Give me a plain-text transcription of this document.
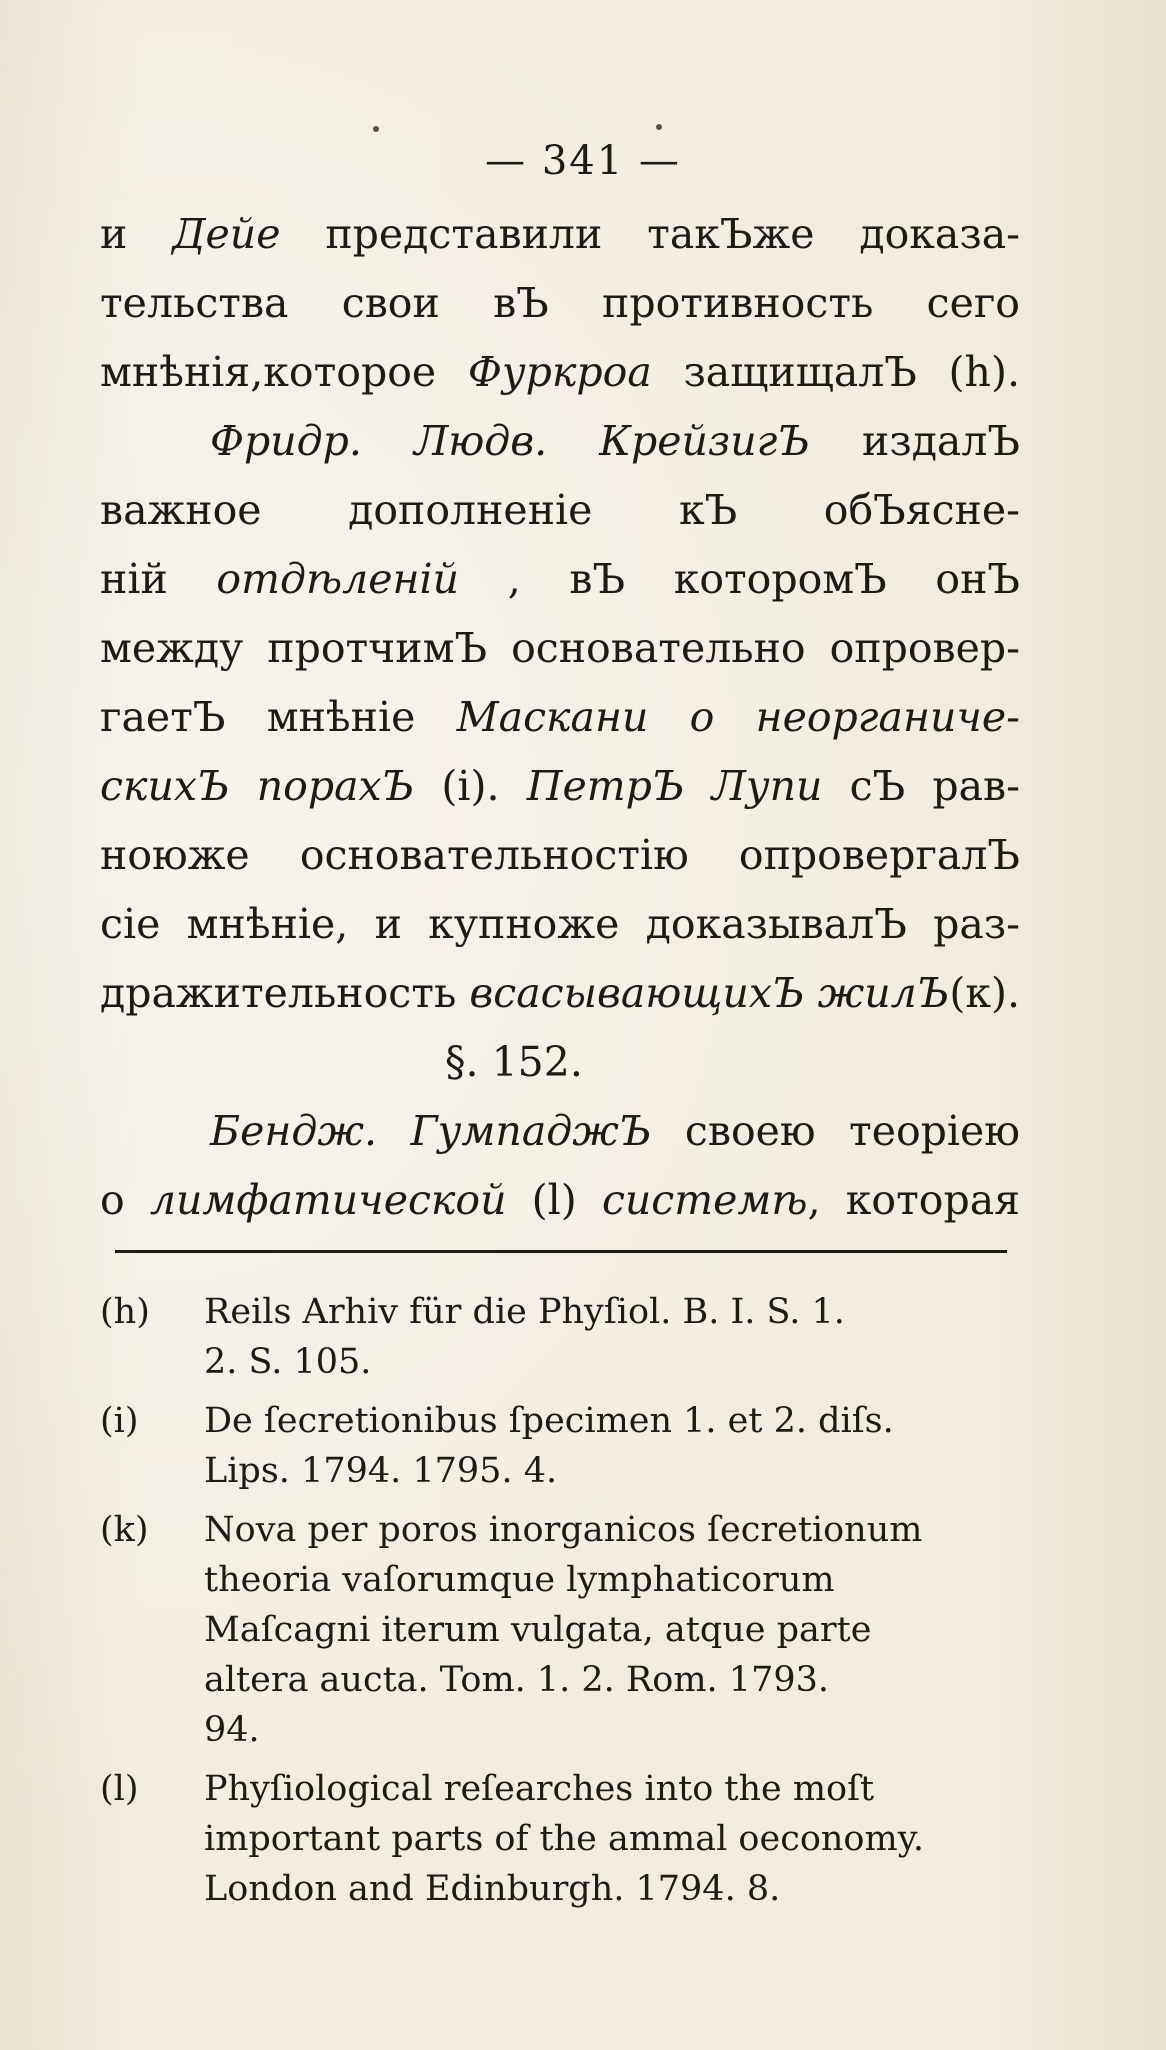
— 341 —
и Дейе представили такЪже доказа-
тельства свои вЪ противность сего
мнѣнія,которое Фуркроа защищалЪ (h).
Фридр. Людв. КрейзигЪ издалЪ
важное дополненіе кЪ обЪясне-
ній отдѣленій , вЪ которомЪ онЪ
между протчимЪ основательно опровер-
гаетЪ мнѣніе Маскани о неорганиче-
скихЪ порахЪ (i). ПетрЪ Лупи сЪ рав-
ноюже основательностію опровергалЪ
сіе мнѣніе, и купноже доказывалЪ раз-
дражительность всасывающихЪ жилЪ(к).
§. 152.
Бендж. ГумпаджЪ своею теоріею
о лимфатической (l) системѣ, которая
(h) Reils Arhiv für die Phyſiol. B. I. S. 1.
2. S. 105.
(i) De ſecretionibus ſpecimen 1. et 2. diſs.
Lips. 1794. 1795. 4.
(k) Nova per poros inorganicos ſecretionum
theoria vaſorumque lymphaticorum
Maſcagni iterum vulgata, atque parte
altera aucta. Tom. 1. 2. Rom. 1793.
94.
(l) Phyſiological reſearches into the moſt
important parts of the ammal oeconomy.
London and Edinburgh. 1794. 8.
